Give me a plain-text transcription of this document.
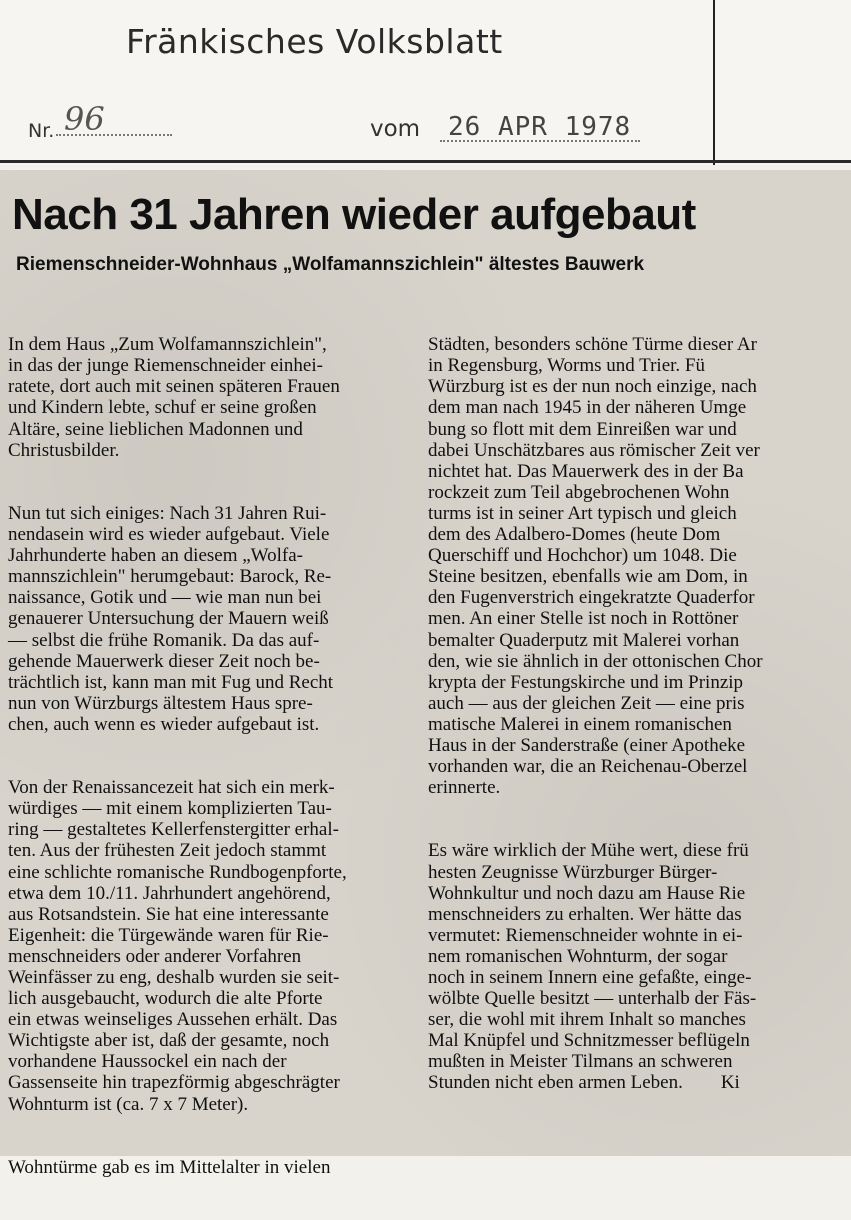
Fränkisches Volksblatt
Nr. 96	vom 26 APR 1978
Nach 31 Jahren wieder aufgebaut
Riemenschneider-Wohnhaus „Wolfamannszichlein" ältestes Bauwerk

In dem Haus „Zum Wolfamannszichlein",
in das der junge Riemenschneider einhei-
ratete, dort auch mit seinen späteren Frauen
und Kindern lebte, schuf er seine großen
Altäre, seine lieblichen Madonnen und
Christusbilder.

Nun tut sich einiges: Nach 31 Jahren Rui-
nendasein wird es wieder aufgebaut. Viele
Jahrhunderte haben an diesem „Wolfa-
mannszichlein" herumgebaut: Barock, Re-
naissance, Gotik und — wie man nun bei
genauerer Untersuchung der Mauern weiß
— selbst die frühe Romanik. Da das auf-
gehende Mauerwerk dieser Zeit noch be-
trächtlich ist, kann man mit Fug und Recht
nun von Würzburgs ältestem Haus spre-
chen, auch wenn es wieder aufgebaut ist.

Von der Renaissancezeit hat sich ein merk-
würdiges — mit einem komplizierten Tau-
ring — gestaltetes Kellerfenstergitter erhal-
ten. Aus der frühesten Zeit jedoch stammt
eine schlichte romanische Rundbogenpforte,
etwa dem 10./11. Jahrhundert angehörend,
aus Rotsandstein. Sie hat eine interessante
Eigenheit: die Türgewände waren für Rie-
menschneiders oder anderer Vorfahren
Weinfässer zu eng, deshalb wurden sie seit-
lich ausgebaucht, wodurch die alte Pforte
ein etwas weinseliges Aussehen erhält. Das
Wichtigste aber ist, daß der gesamte, noch
vorhandene Haussockel ein nach der
Gassenseite hin trapezförmig abgeschrägter
Wohnturm ist (ca. 7 x 7 Meter).

Wohntürme gab es im Mittelalter in vielen

Städten, besonders schöne Türme dieser Ar
in Regensburg, Worms und Trier. Fü
Würzburg ist es der nun noch einzige, nach
dem man nach 1945 in der näheren Umge
bung so flott mit dem Einreißen war und
dabei Unschätzbares aus römischer Zeit ver
nichtet hat. Das Mauerwerk des in der Ba
rockzeit zum Teil abgebrochenen Wohn
turms ist in seiner Art typisch und gleich
dem des Adalbero-Domes (heute Dom
Querschiff und Hochchor) um 1048. Die
Steine besitzen, ebenfalls wie am Dom, in
den Fugenverstrich eingekratzte Quaderfor
men. An einer Stelle ist noch in Rottöner
bemalter Quaderputz mit Malerei vorhan
den, wie sie ähnlich in der ottonischen Chor
krypta der Festungskirche und im Prinzip
auch — aus der gleichen Zeit — eine pris
matische Malerei in einem romanischen
Haus in der Sanderstraße (einer Apotheke
vorhanden war, die an Reichenau-Oberzel
erinnerte.

Es wäre wirklich der Mühe wert, diese frü
hesten Zeugnisse Würzburger Bürger-
Wohnkultur und noch dazu am Hause Rie
menschneiders zu erhalten. Wer hätte das
vermutet: Riemenschneider wohnte in ei-
nem romanischen Wohnturm, der sogar
noch in seinem Innern eine gefaßte, einge-
wölbte Quelle besitzt — unterhalb der Fäs-
ser, die wohl mit ihrem Inhalt so manches
Mal Knüpfel und Schnitzmesser beflügeln
mußten in Meister Tilmans an schweren
Stunden nicht eben armen Leben.        Ki
